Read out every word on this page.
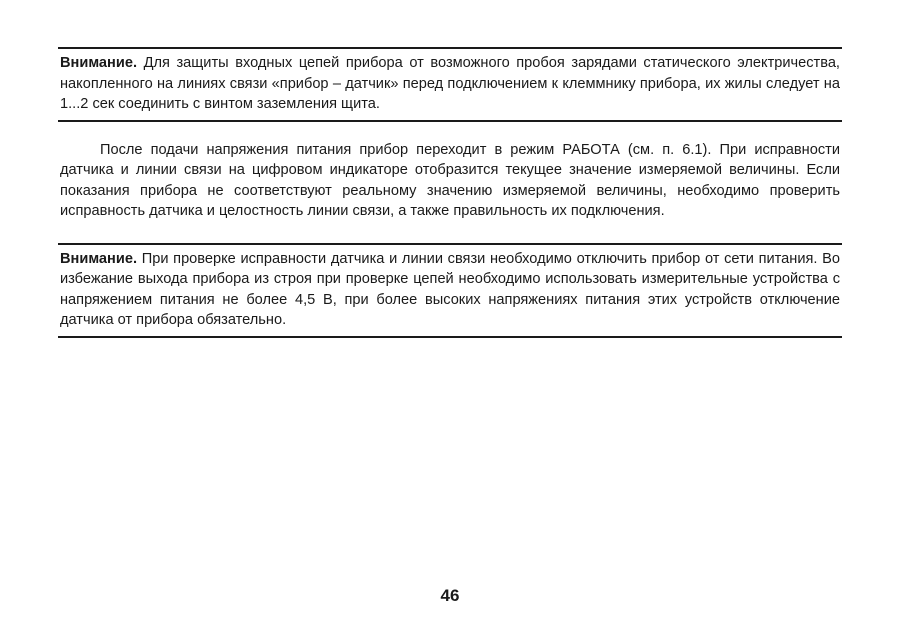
Внимание. Для защиты входных цепей прибора от возможного пробоя зарядами статического электричества, накопленного на линиях связи «прибор – датчик» перед подключением к клеммнику прибора, их жилы следует на 1...2 сек соединить с винтом заземления щита.

После подачи напряжения питания прибор переходит в режим РАБОТА (см. п. 6.1). При исправности датчика и линии связи на цифровом индикаторе отобразится текущее значение измеряемой величины. Если показания прибора не соответствуют реальному значению измеряемой величины, необходимо проверить исправность датчика и целостность линии связи, а также правильность их подключения.

Внимание. При проверке исправности датчика и линии связи необходимо отключить прибор от сети питания. Во избежание выхода прибора из строя при проверке цепей необходимо использовать измерительные устройства с напряжением питания не более 4,5 В, при более высоких напряжениях питания этих устройств отключение датчика от прибора обязательно.

46
